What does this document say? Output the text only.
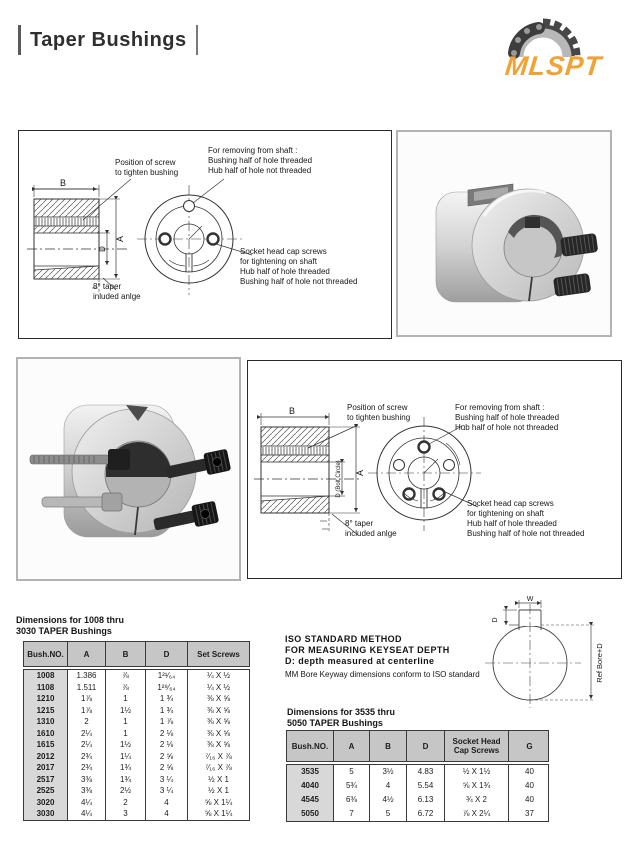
Taper Bushings
MLSPT
B
D
A
Position of screw
to tighten bushing
For removing from shaft :
Bushing half of hole threaded
Hub half of hole not threaded
Socket head cap screws
for tightening on shaft
Hub half of hole threaded
Bushing half of hole not threaded
8° taper
inluded anlge
B
D (Bolt Circle) A
Position of screw
to tighten bushing
For removing from shaft :
Bushing half of hole threaded
Hub half of hole not threaded
Socket head cap screws
for tightening on shaft
Hub half of hole threaded
Bushing half of hole not threaded
8° taper
included anlge
Dimensions for 1008 thru
3030 TAPER Bushings
Bush.NO.	A	B	D	Set Screws
1008	1.386	⅞	1²¹⁄₆₄	¼ X ½
1108	1.511	⅞	1²⁹⁄₆₄	¼ X ½
1210	1⅞	1	1 ¾	⅜ X ⅝
1215	1⅞	1½	1 ¾	⅜ X ⅝
1310	2	1	1 ⅞	⅜ X ⅝
1610	2¼	1	2 ⅛	⅜ X ⅝
1615	2¼	1½	2 ⅛	⅜ X ⅝
2012	2¾	1¼	2 ⅝	⁷⁄₁₆ X ⅞
2017	2¾	1¾	2 ⅝	⁷⁄₁₆ X ⅞
2517	3⅜	1¾	3 ¼	½ X 1
2525	3⅜	2½	3 ¼	½ X 1
3020	4¼	2	4	⅝ X 1¼
3030	4¼	3	4	⅝ X 1¼
ISO STANDARD METHOD
FOR MEASURING KEYSEAT DEPTH
D: depth measured at centerline
MM Bore Keyway dimensions conform to ISO standard
Dimensions for 3535 thru
5050 TAPER Bushings
Bush.NO.	A	B	D	Socket Head Cap Screws	G
3535	5	3½	4.83	½ X 1½	40
4040	5¾	4	5.54	⅝ X 1¾	40
4545	6⅜	4½	6.13	¾ X 2	40
5050	7	5	6.72	⅞ X 2¼	37
W
D
Ref Bore+D
